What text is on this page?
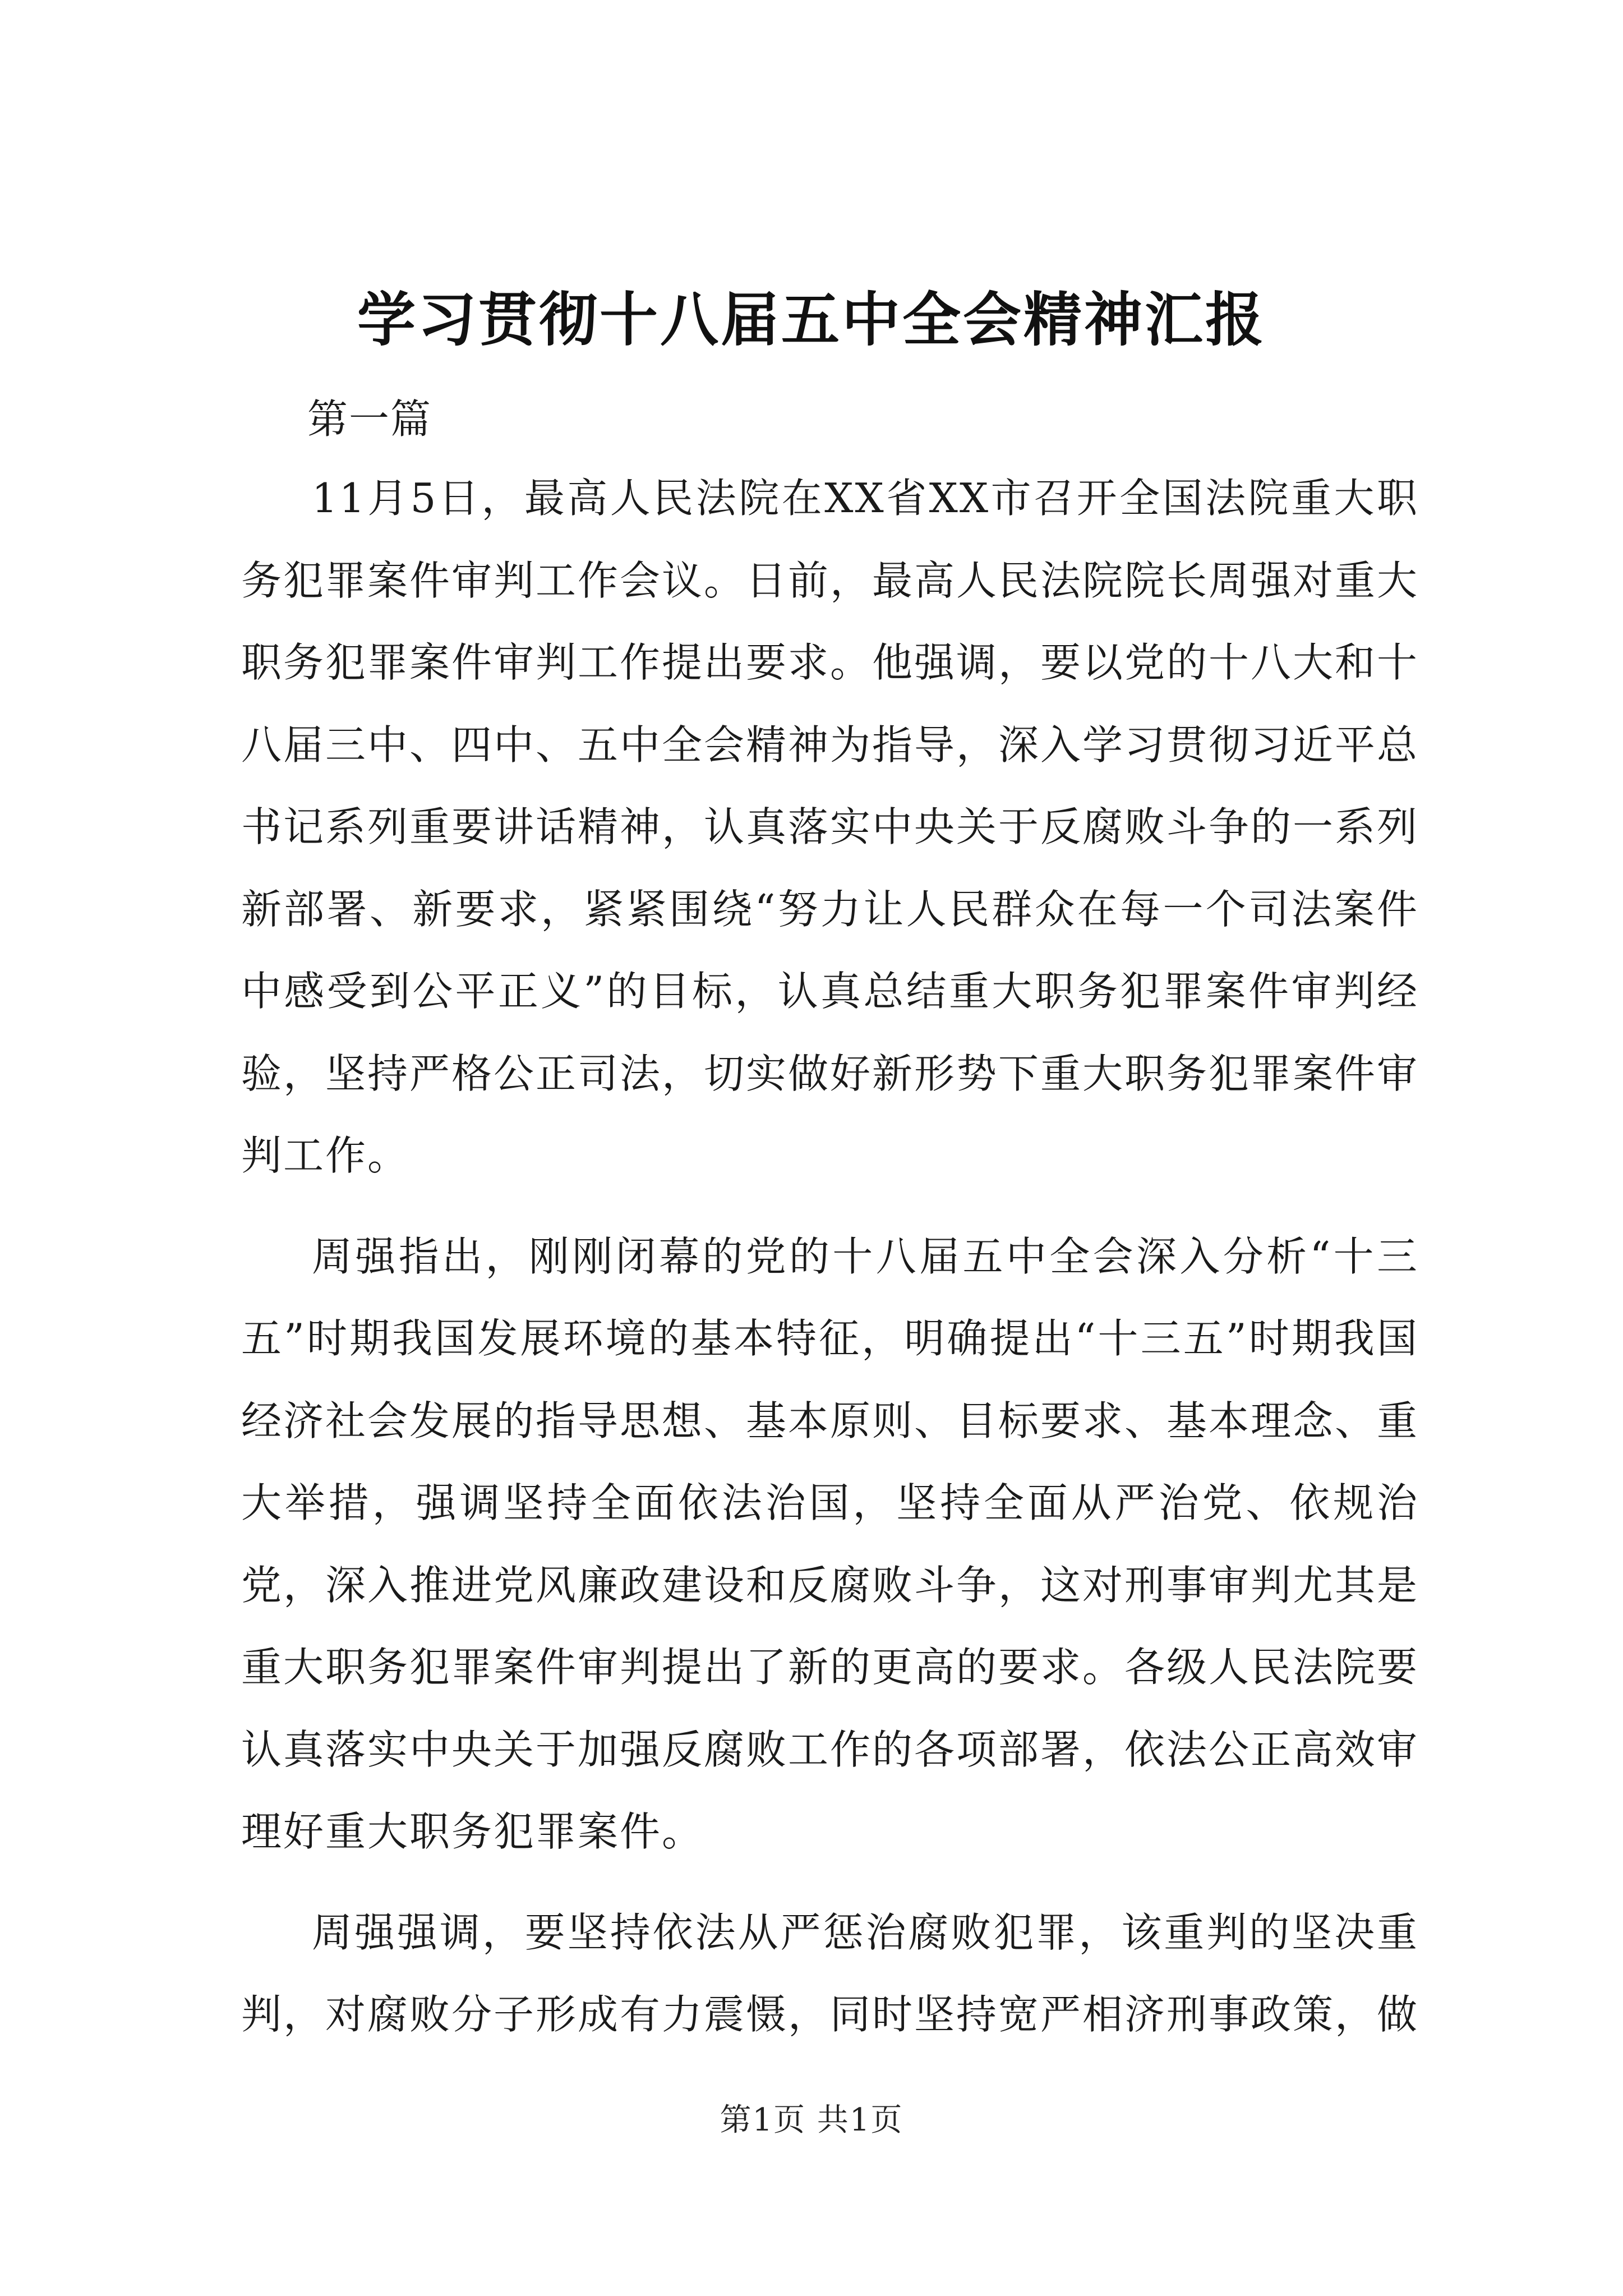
学习贯彻十八届五中全会精神汇报

第一篇

11月5日，最高人民法院在XX省XX市召开全国法院重大职务犯罪案件审判工作会议。日前，最高人民法院院长周强对重大职务犯罪案件审判工作提出要求。他强调，要以党的十八大和十八届三中、四中、五中全会精神为指导，深入学习贯彻习近平总书记系列重要讲话精神，认真落实中央关于反腐败斗争的一系列新部署、新要求，紧紧围绕“努力让人民群众在每一个司法案件中感受到公平正义”的目标，认真总结重大职务犯罪案件审判经验，坚持严格公正司法，切实做好新形势下重大职务犯罪案件审判工作。

周强指出，刚刚闭幕的党的十八届五中全会深入分析“十三五”时期我国发展环境的基本特征，明确提出“十三五”时期我国经济社会发展的指导思想、基本原则、目标要求、基本理念、重大举措，强调坚持全面依法治国，坚持全面从严治党、依规治党，深入推进党风廉政建设和反腐败斗争，这对刑事审判尤其是重大职务犯罪案件审判提出了新的更高的要求。各级人民法院要认真落实中央关于加强反腐败工作的各项部署，依法公正高效审理好重大职务犯罪案件。

周强强调，要坚持依法从严惩治腐败犯罪，该重判的坚决重判，对腐败分子形成有力震慑，同时坚持宽严相济刑事政策，做

第1页 共1页
